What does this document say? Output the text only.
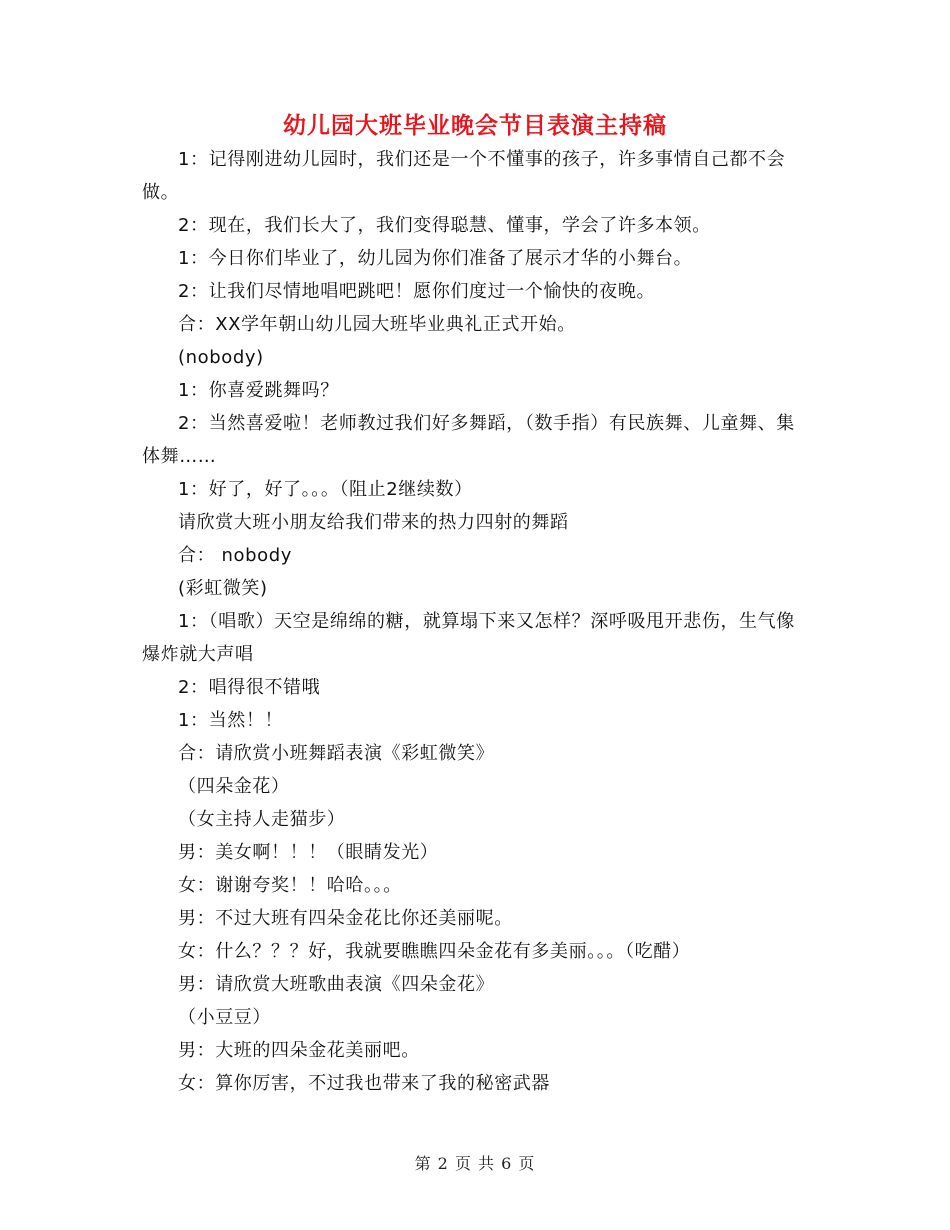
幼儿园大班毕业晚会节目表演主持稿

1：记得刚进幼儿园时，我们还是一个不懂事的孩子，许多事情自己都不会做。

2：现在，我们长大了，我们变得聪慧、懂事，学会了许多本领。

1：今日你们毕业了，幼儿园为你们准备了展示才华的小舞台。

2：让我们尽情地唱吧跳吧！愿你们度过一个愉快的夜晚。

合：XX学年朝山幼儿园大班毕业典礼正式开始。

(nobody)

1：你喜爱跳舞吗？

2：当然喜爱啦！老师教过我们好多舞蹈，（数手指）有民族舞、儿童舞、集体舞……

1：好了，好了。。。（阻止2继续数）

请欣赏大班小朋友给我们带来的热力四射的舞蹈

合： nobody

(彩虹微笑)

1：（唱歌）天空是绵绵的糖，就算塌下来又怎样？深呼吸甩开悲伤，生气像爆炸就大声唱

2：唱得很不错哦

1：当然！！

合：请欣赏小班舞蹈表演《彩虹微笑》

（四朵金花）

（女主持人走猫步）

男：美女啊！！！（眼睛发光）

女：谢谢夸奖！！哈哈。。。

男：不过大班有四朵金花比你还美丽呢。

女：什么？？？好，我就要瞧瞧四朵金花有多美丽。。。（吃醋）

男：请欣赏大班歌曲表演《四朵金花》

（小豆豆）

男：大班的四朵金花美丽吧。

女：算你厉害，不过我也带来了我的秘密武器

第 2 页 共 6 页
